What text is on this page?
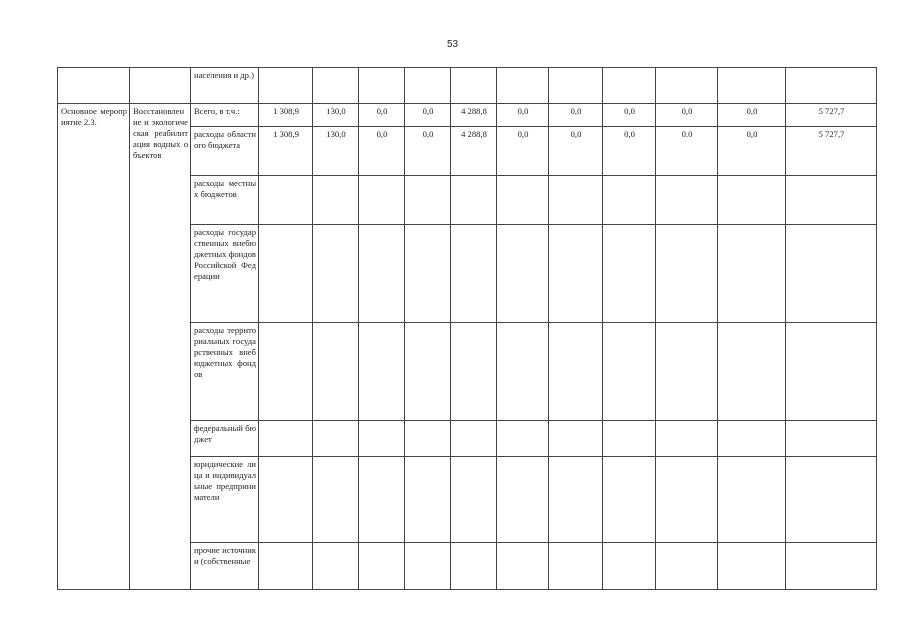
53
		населения и др.)											
Основное мероприятие 2.3.	Восстановление и экологическая реабилитация водных объектов	Всего, в т.ч.:	1 308,9	130,0	0,0	0,0	4 288,8	0,0	0,0	0,0	0,0	0,0	5 727,7
		расходы областного бюджета	1 308,9	130,0	0,0	0,0	4 288,8	0,0	0,0	0,0	0.0	0,0	5 727,7
		расходы местных бюджетов											
		расходы государственных внебюджетных фондов Российской Федерации											
		расходы территориальных государственных внебюджетных фондов											
		федеральный бюджет											
		юридические лица и индивидуальные предприниматели											
		прочие источники (собственные											
